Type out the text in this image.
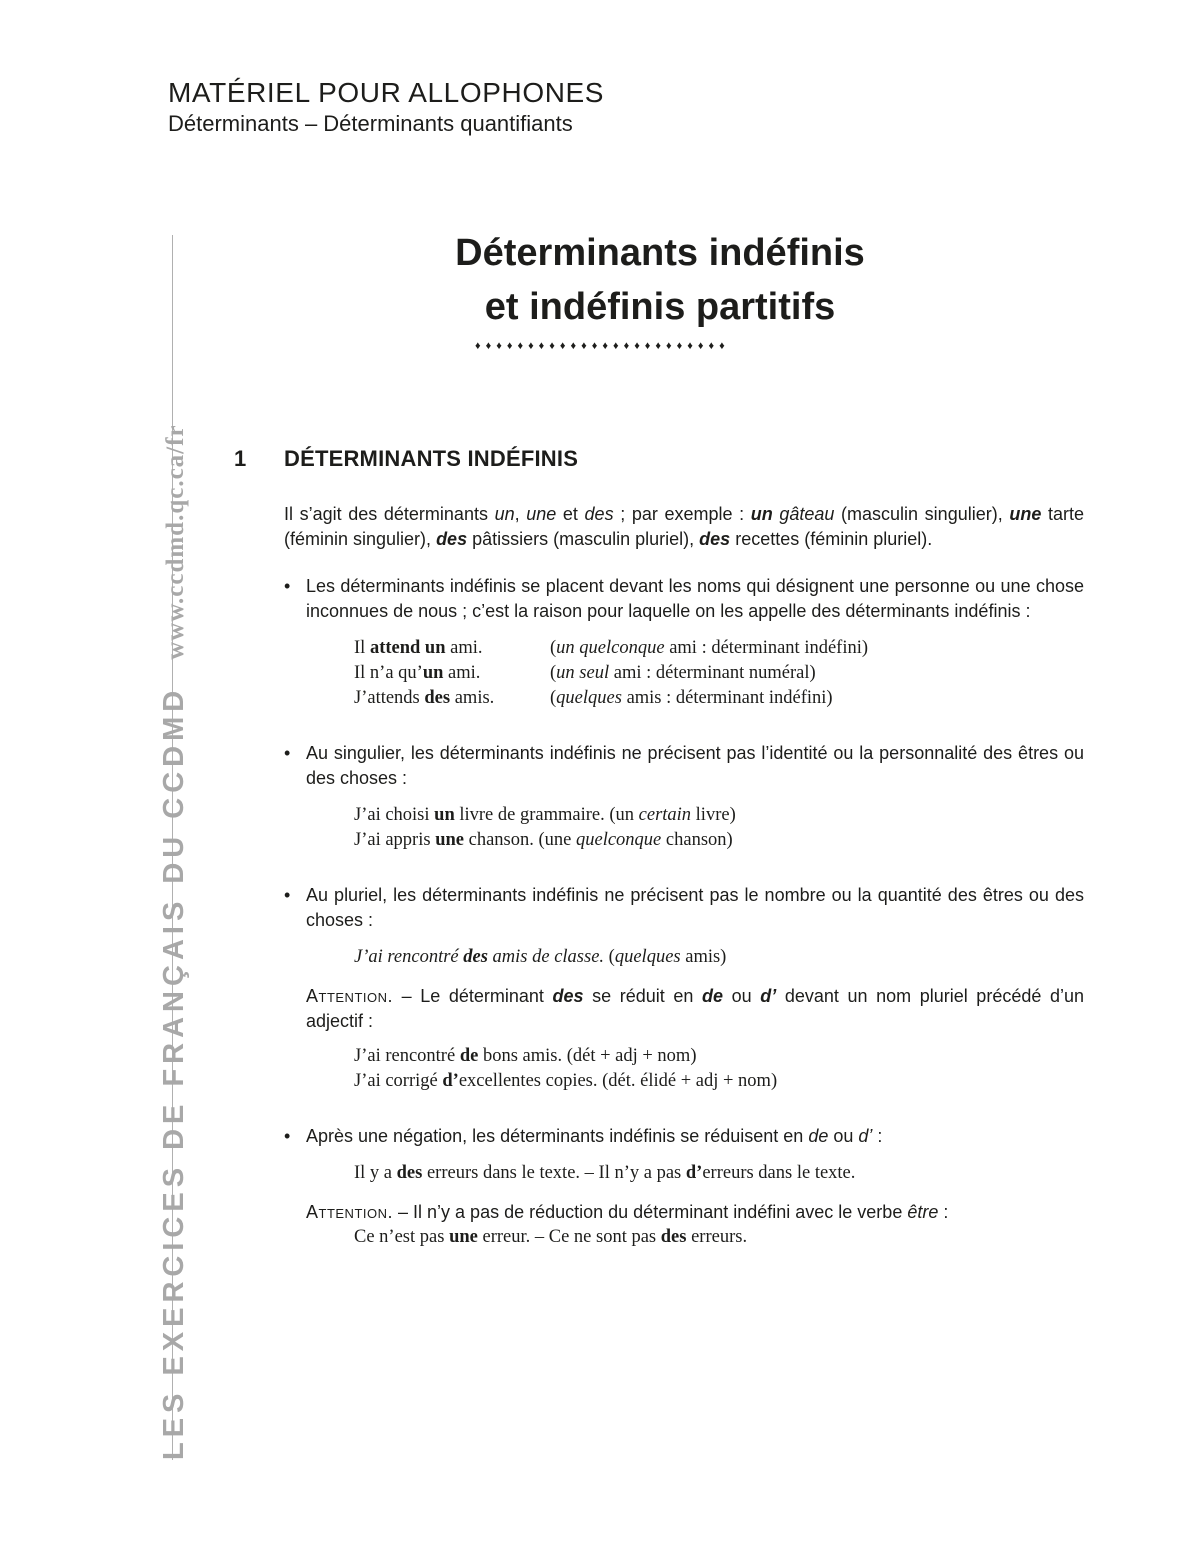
MATÉRIEL POUR ALLOPHONES

Déterminants – Déterminants quantifiants

LES EXERCICES DE FRANÇAIS DU CCDMDwww.ccdmd.qc.ca/fr
Déterminants indéfinis
et indéfinis partitifs
♦♦♦♦♦♦♦♦♦♦♦♦♦♦♦♦♦♦♦♦♦♦♦♦
1 DÉTERMINANTS INDÉFINIS

Il s’agit des déterminants un, une et des ; par exemple : un gâteau (masculin singulier), une tarte (féminin singulier), des pâtissiers (masculin pluriel), des recettes (féminin pluriel).

• Les déterminants indéfinis se placent devant les noms qui désignent une personne ou une chose inconnues de nous ; c’est la raison pour laquelle on les appelle des déterminants indéfinis :

Il attend un ami.	(un quelconque ami : déterminant indéfini)
Il n’a qu’un ami.	(un seul ami : déterminant numéral)
J’attends des amis.	(quelques amis : déterminant indéfini)

• Au singulier, les déterminants indéfinis ne précisent pas l’identité ou la personnalité des êtres ou des choses :

J’ai choisi un livre de grammaire. (un certain livre)
J’ai appris une chanson. (une quelconque chanson)

• Au pluriel, les déterminants indéfinis ne précisent pas le nombre ou la quantité des êtres ou des choses :

J’ai rencontré des amis de classe. (quelques amis)

Attention. – Le déterminant des se réduit en de ou d’ devant un nom pluriel précédé d’un adjectif :

J’ai rencontré de bons amis. (dét + adj + nom)
J’ai corrigé d’excellentes copies. (dét. élidé + adj + nom)

• Après une négation, les déterminants indéfinis se réduisent en de ou d’ :

Il y a des erreurs dans le texte. – Il n’y a pas d’erreurs dans le texte.

Attention. – Il n’y a pas de réduction du déterminant indéfini avec le verbe être :

Ce n’est pas une erreur. – Ce ne sont pas des erreurs.
